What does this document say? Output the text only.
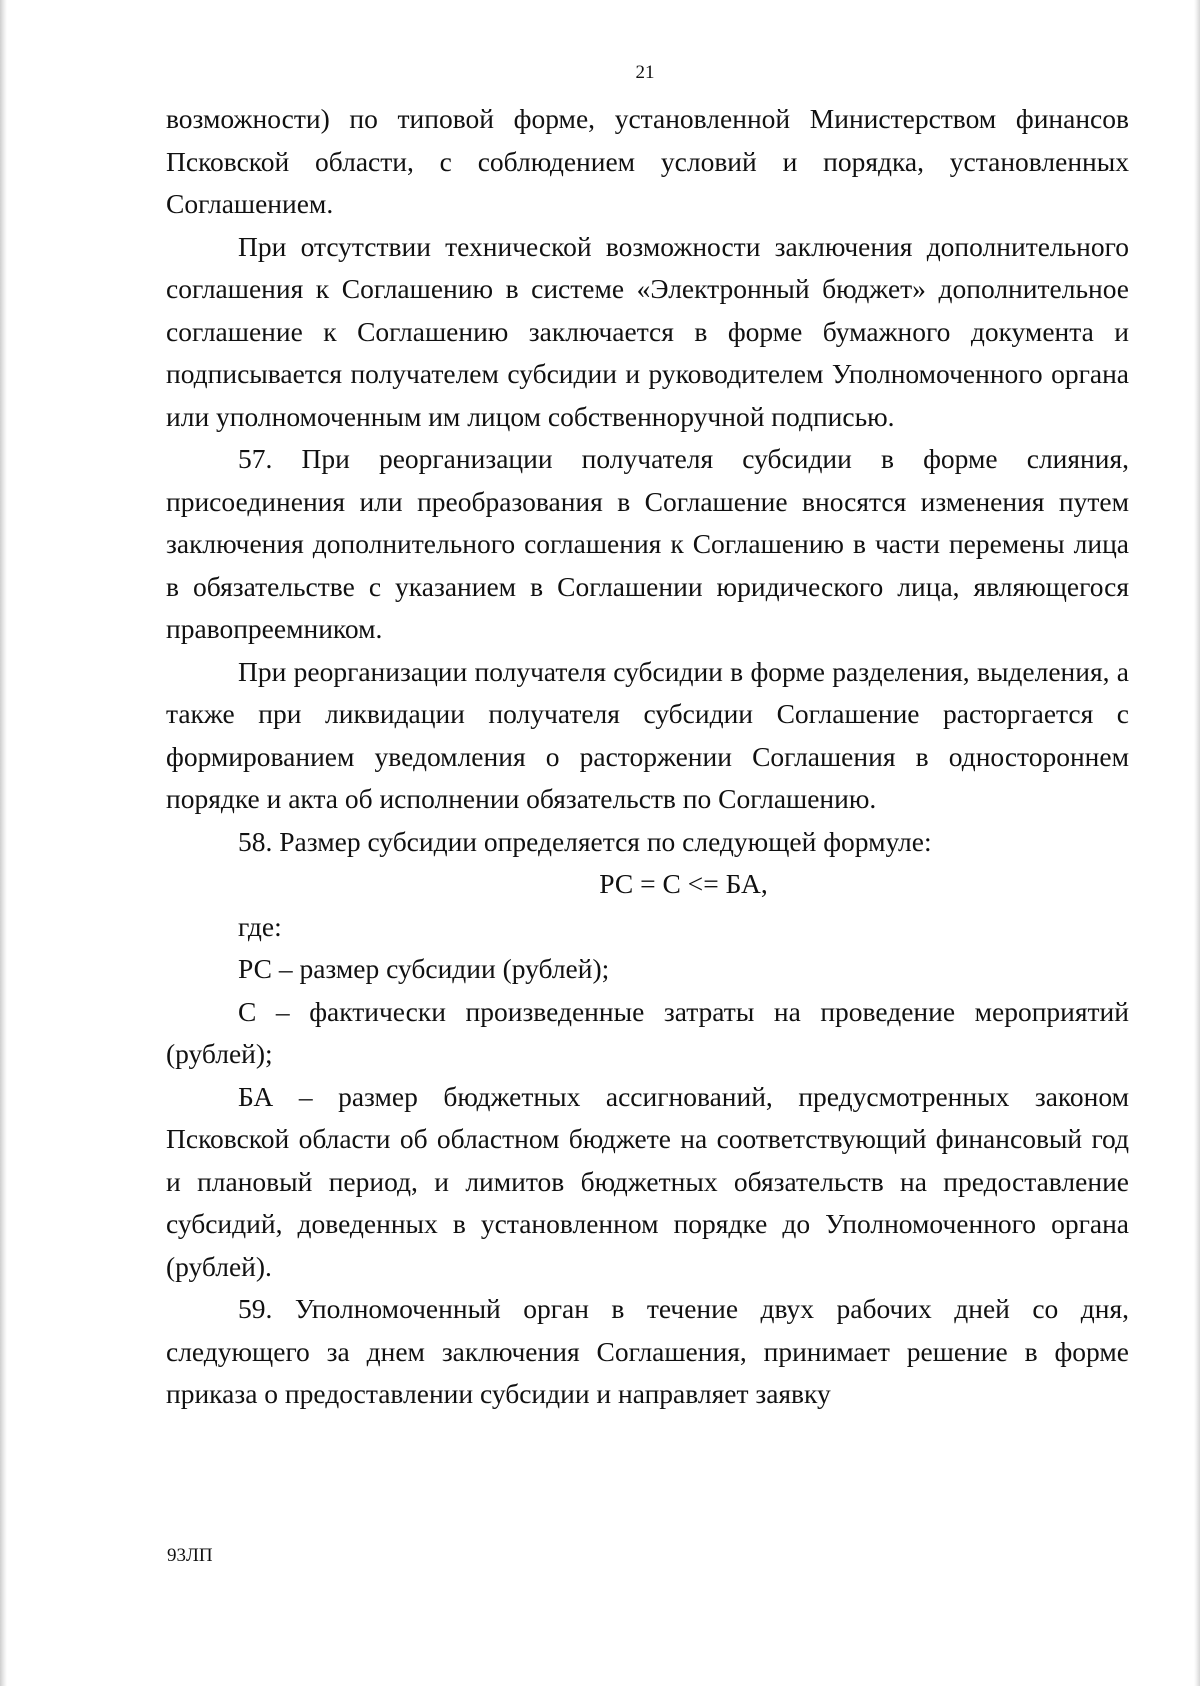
21

возможности) по типовой форме, установленной Министерством финансов Псковской области, с соблюдением условий и порядка, установленных Соглашением.

При отсутствии технической возможности заключения дополнительного соглашения к Соглашению в системе «Электронный бюджет» дополнительное соглашение к Соглашению заключается в форме бумажного документа и подписывается получателем субсидии и руководителем Уполномоченного органа или уполномоченным им лицом собственноручной подписью.

57. При реорганизации получателя субсидии в форме слияния, присоединения или преобразования в Соглашение вносятся изменения путем заключения дополнительного соглашения к Соглашению в части перемены лица в обязательстве с указанием в Соглашении юридического лица, являющегося правопреемником.

При реорганизации получателя субсидии в форме разделения, выделения, а также при ликвидации получателя субсидии Соглашение расторгается с формированием уведомления о расторжении Соглашения в одностороннем порядке и акта об исполнении обязательств по Соглашению.

58. Размер субсидии определяется по следующей формуле:

РС = С <= БА,

где:

РС – размер субсидии (рублей);

С – фактически произведенные затраты на проведение мероприятий (рублей);

БА – размер бюджетных ассигнований, предусмотренных законом Псковской области об областном бюджете на соответствующий финансовый год и плановый период, и лимитов бюджетных обязательств на предоставление субсидий, доведенных в установленном порядке до Уполномоченного органа (рублей).

59. Уполномоченный орган в течение двух рабочих дней со дня, следующего за днем заключения Соглашения, принимает решение в форме приказа о предоставлении субсидии и направляет заявку

93ЛП
